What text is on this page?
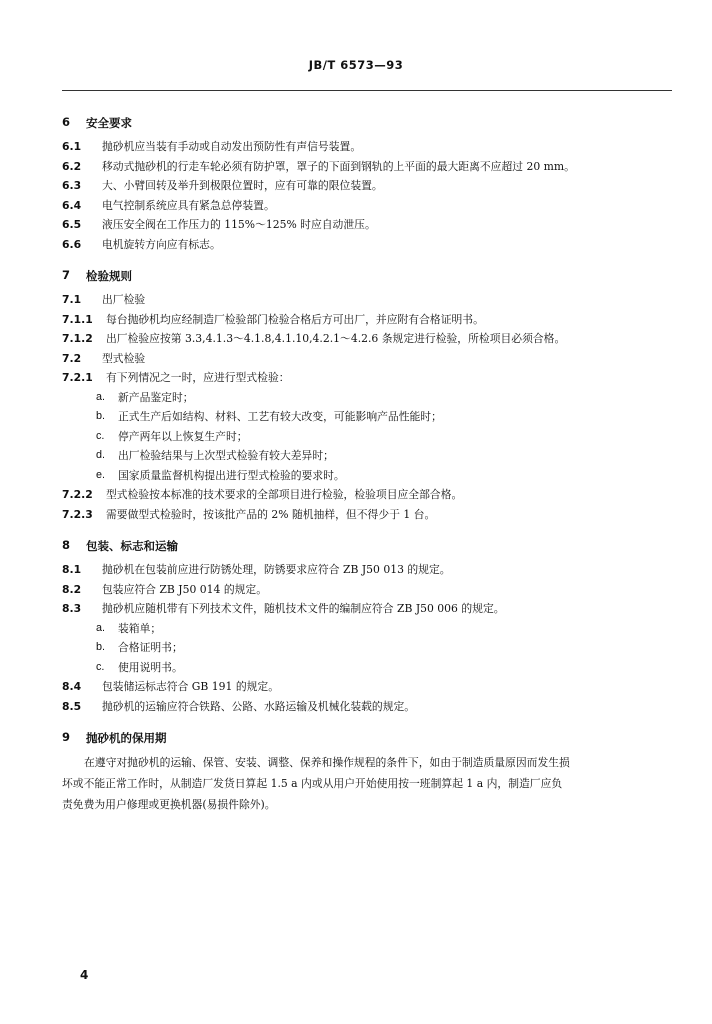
JB/T 6573—93
6	安全要求
6.1	抛砂机应当装有手动或自动发出预防性有声信号装置。
6.2	移动式抛砂机的行走车轮必须有防护罩，罩子的下面到钢轨的上平面的最大距离不应超过 20 mm。
6.3	大、小臂回转及举升到极限位置时，应有可靠的限位装置。
6.4	电气控制系统应具有紧急总停装置。
6.5	液压安全阀在工作压力的 115%～125% 时应自动泄压。
6.6	电机旋转方向应有标志。
7	检验规则
7.1	出厂检验
7.1.1	每台抛砂机均应经制造厂检验部门检验合格后方可出厂，并应附有合格证明书。
7.1.2	出厂检验应按第 3.3,4.1.3～4.1.8,4.1.10,4.2.1～4.2.6 条规定进行检验，所检项目必须合格。
7.2	型式检验
7.2.1	有下列情况之一时，应进行型式检验：
a.	新产品鉴定时；
b.	正式生产后如结构、材料、工艺有较大改变，可能影响产品性能时；
c.	停产两年以上恢复生产时；
d.	出厂检验结果与上次型式检验有较大差异时；
e.	国家质量监督机构提出进行型式检验的要求时。
7.2.2	型式检验按本标准的技术要求的全部项目进行检验，检验项目应全部合格。
7.2.3	需要做型式检验时，按该批产品的 2% 随机抽样，但不得少于 1 台。
8	包装、标志和运输
8.1	抛砂机在包装前应进行防锈处理，防锈要求应符合 ZB J50 013 的规定。
8.2	包装应符合 ZB J50 014 的规定。
8.3	抛砂机应随机带有下列技术文件，随机技术文件的编制应符合 ZB J50 006 的规定。
a.	装箱单；
b.	合格证明书；
c.	使用说明书。
8.4	包装储运标志符合 GB 191 的规定。
8.5	抛砂机的运输应符合铁路、公路、水路运输及机械化装载的规定。
9	抛砂机的保用期
在遵守对抛砂机的运输、保管、安装、调整、保养和操作规程的条件下，如由于制造质量原因而发生损
坏或不能正常工作时，从制造厂发货日算起 1.5 a 内或从用户开始使用按一班制算起 1 a 内，制造厂应负
责免费为用户修理或更换机器(易损件除外)。
4
